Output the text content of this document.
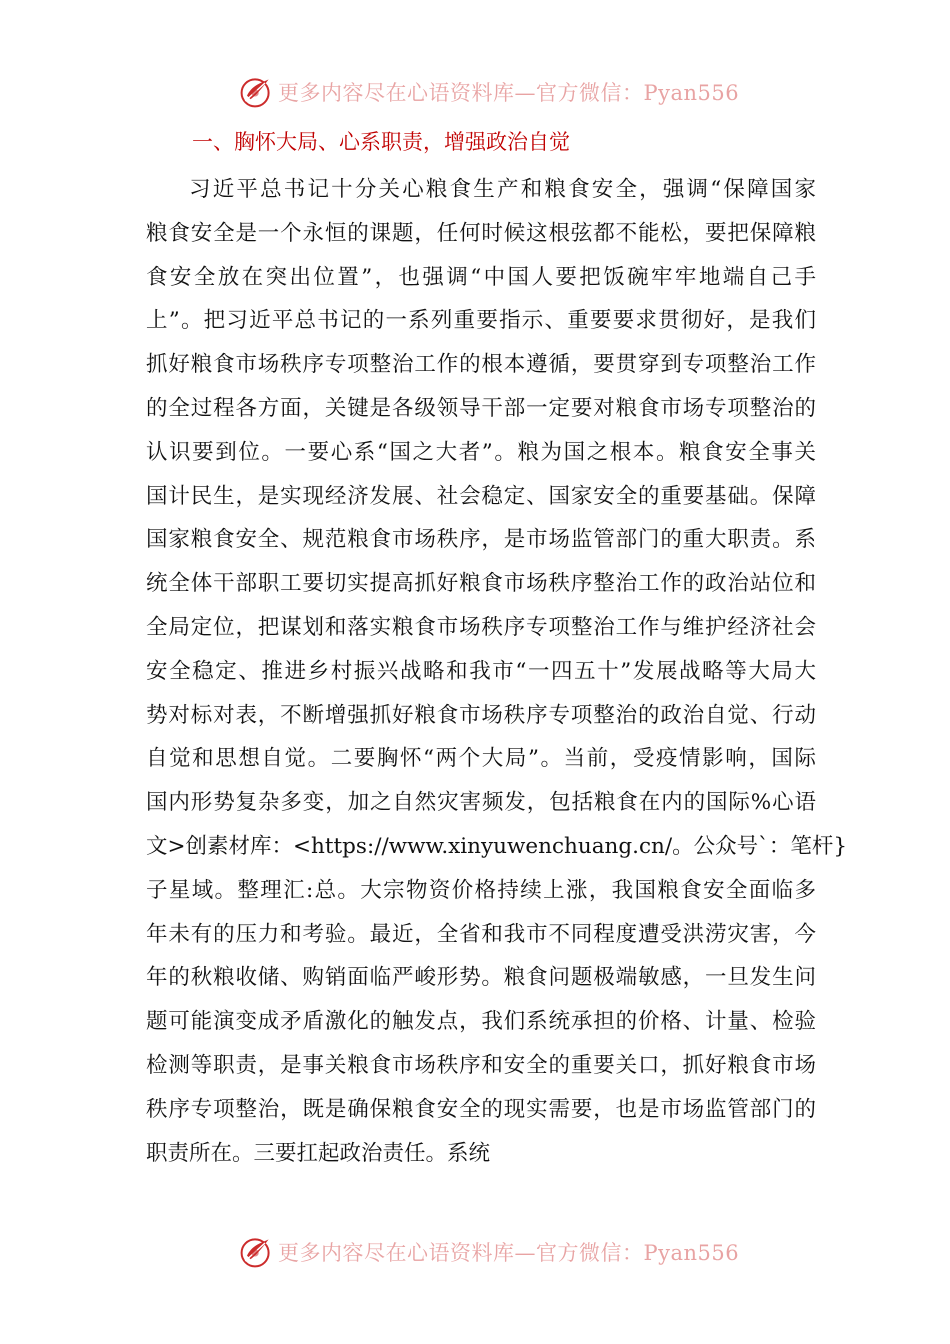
更多内容尽在心语资料库—官方微信：Pyan556
一、胸怀大局、心系职责，增强政治自觉
习近平总书记十分关心粮食生产和粮食安全，强调“保障国家
粮食安全是一个永恒的课题，任何时候这根弦都不能松，要把保障粮
食安全放在突出位置”，也强调“中国人要把饭碗牢牢地端自己手
上”。把习近平总书记的一系列重要指示、重要要求贯彻好，是我们
抓好粮食市场秩序专项整治工作的根本遵循，要贯穿到专项整治工作
的全过程各方面，关键是各级领导干部一定要对粮食市场专项整治的
认识要到位。一要心系“国之大者”。粮为国之根本。粮食安全事关
国计民生，是实现经济发展、社会稳定、国家安全的重要基础。保障
国家粮食安全、规范粮食市场秩序，是市场监管部门的重大职责。系
统全体干部职工要切实提高抓好粮食市场秩序整治工作的政治站位和
全局定位，把谋划和落实粮食市场秩序专项整治工作与维护经济社会
安全稳定、推进乡村振兴战略和我市“一四五十”发展战略等大局大
势对标对表，不断增强抓好粮食市场秩序专项整治的政治自觉、行动
自觉和思想自觉。二要胸怀“两个大局”。当前，受疫情影响，国际
国内形势复杂多变，加之自然灾害频发，包括粮食在内的国际%心语
文>创素材库：<https://www.xinyuwenchuang.cn/。公众号`：笔杆}
子星域。整理汇:总。大宗物资价格持续上涨，我国粮食安全面临多
年未有的压力和考验。最近，全省和我市不同程度遭受洪涝灾害，今
年的秋粮收储、购销面临严峻形势。粮食问题极端敏感，一旦发生问
题可能演变成矛盾激化的触发点，我们系统承担的价格、计量、检验
检测等职责，是事关粮食市场秩序和安全的重要关口，抓好粮食市场
秩序专项整治，既是确保粮食安全的现实需要，也是市场监管部门的
职责所在。三要扛起政治责任。系统
更多内容尽在心语资料库—官方微信：Pyan556
